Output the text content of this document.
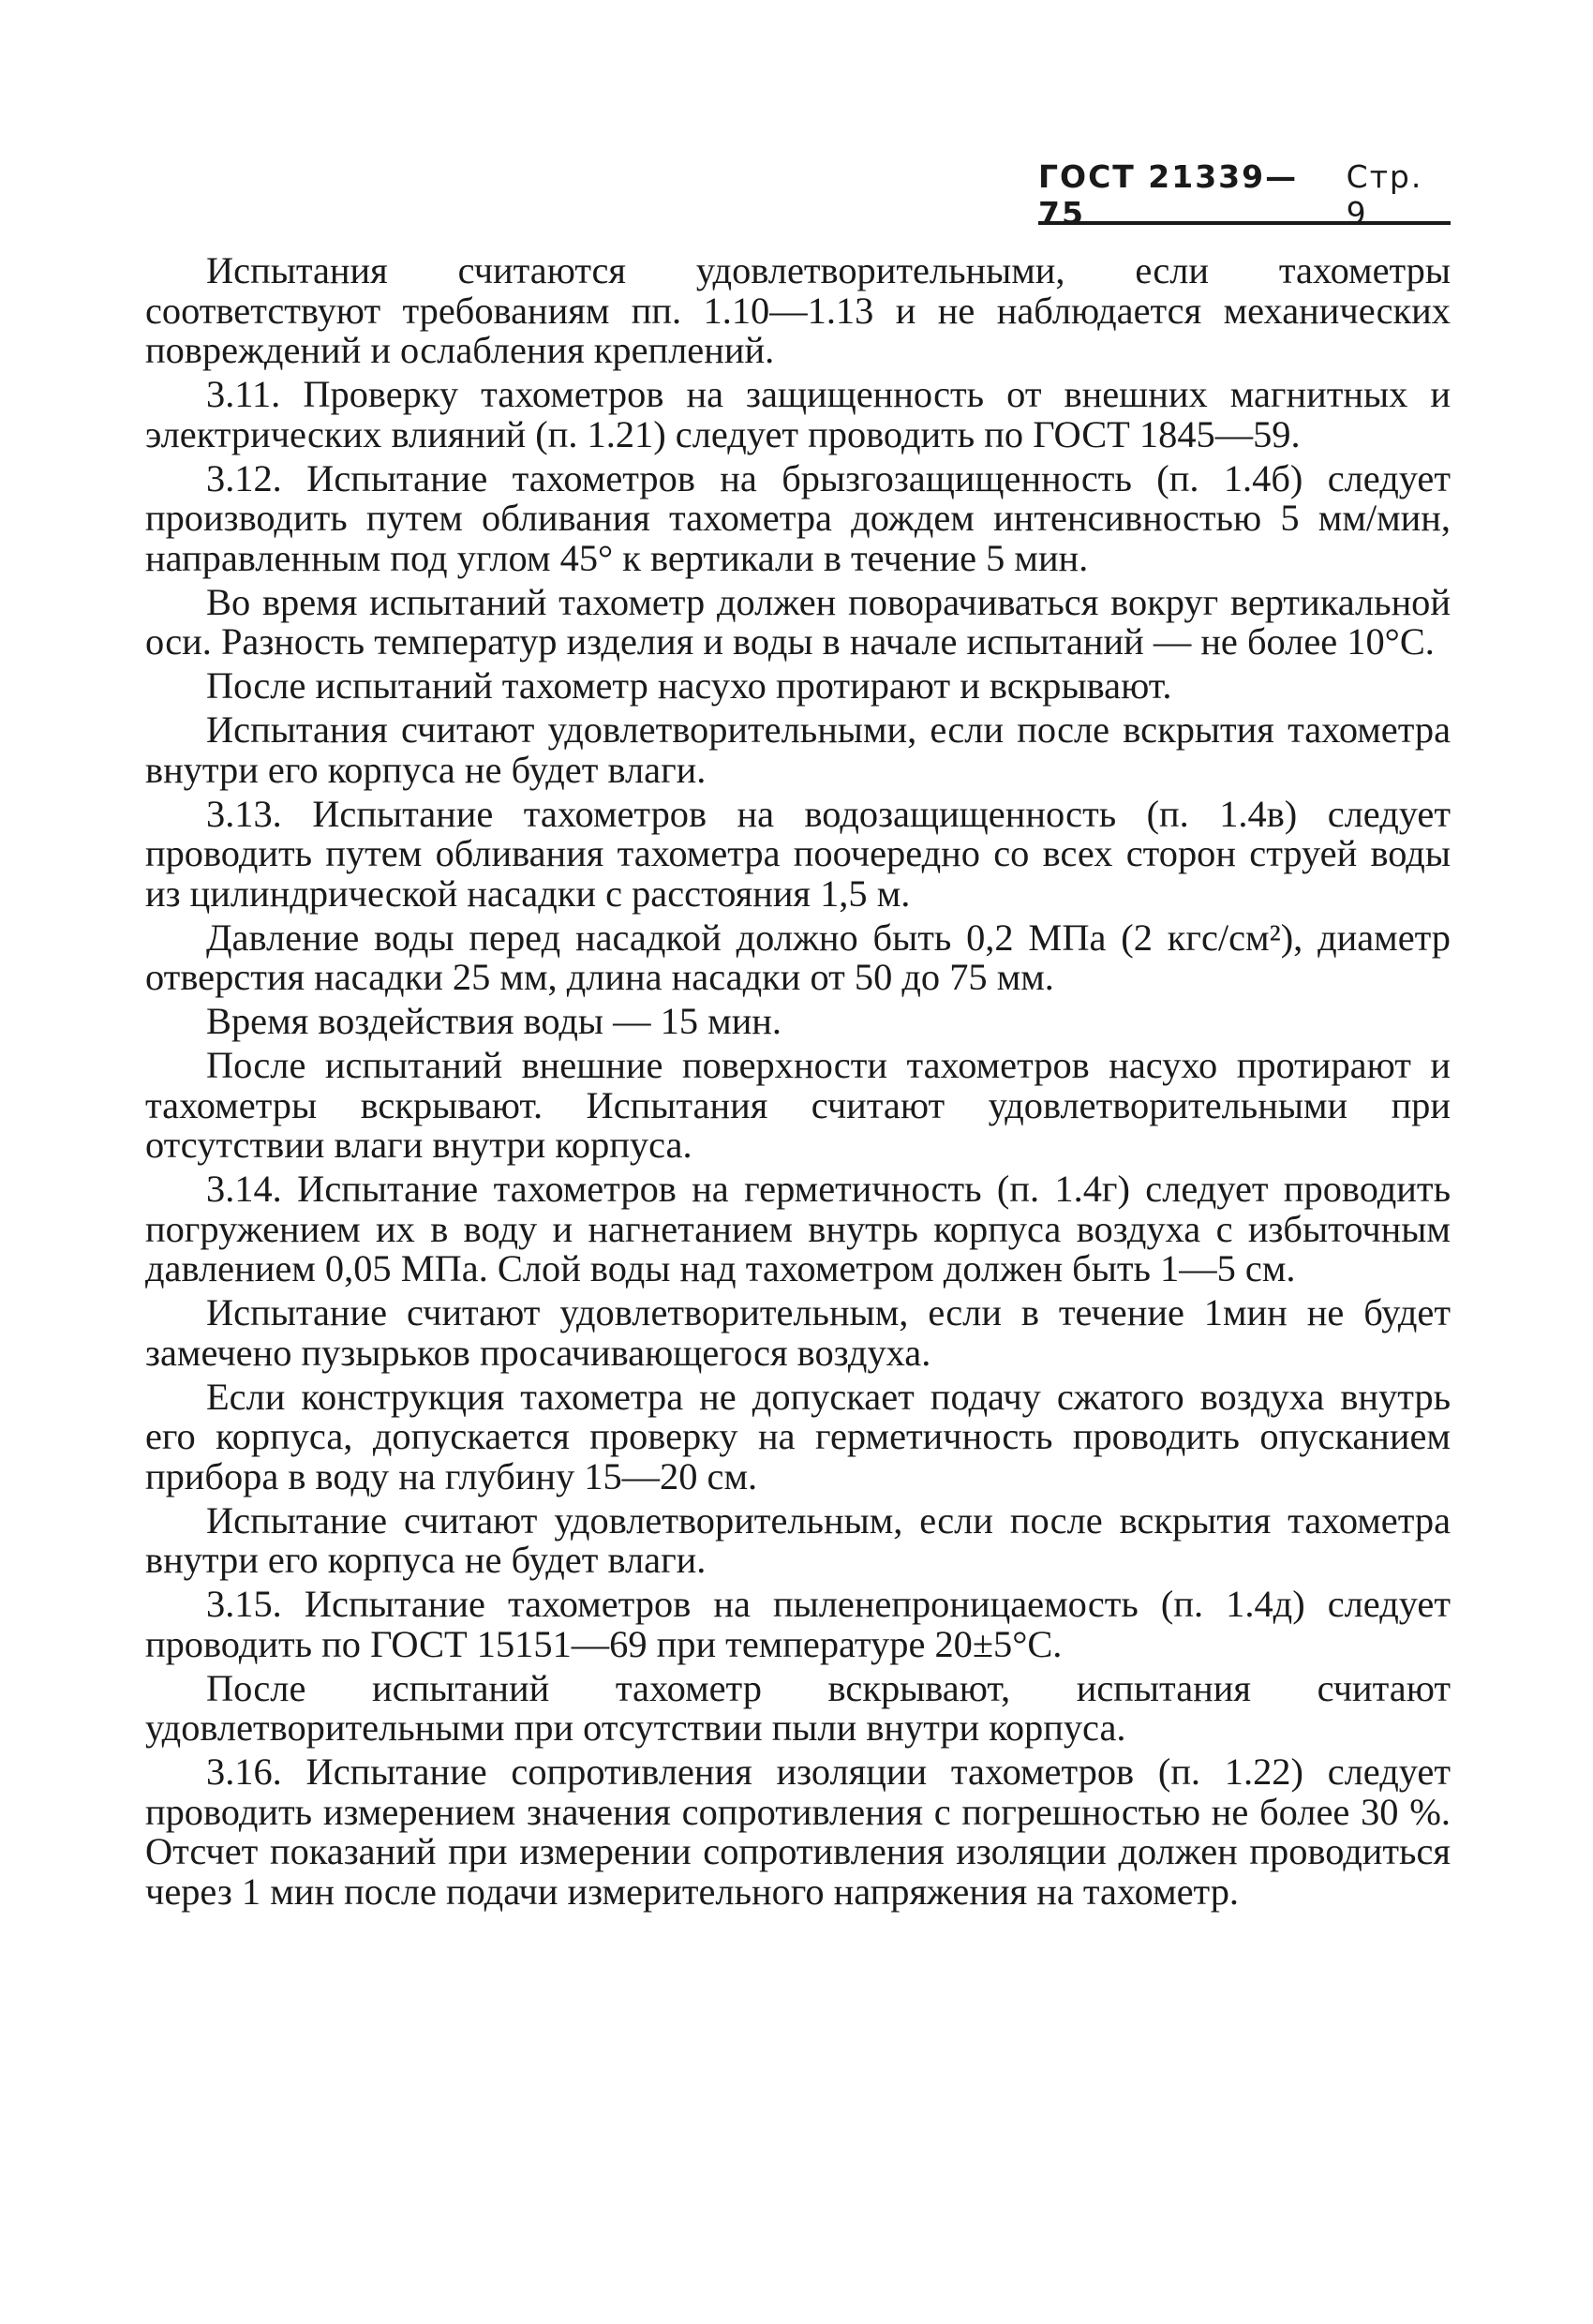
ГОСТ 21339—75
Стр. 9

Испытания считаются удовлетворительными, если тахометры соответствуют требованиям пп. 1.10—1.13 и не наблюдается механических повреждений и ослабления креплений.

3.11. Проверку тахометров на защищенность от внешних магнитных и электрических влияний (п. 1.21) следует проводить по ГОСТ 1845—59.

3.12. Испытание тахометров на брызгозащищенность (п. 1.4б) следует производить путем обливания тахометра дождем интенсивностью 5 мм/мин, направленным под углом 45° к вертикали в течение 5 мин.

Во время испытаний тахометр должен поворачиваться вокруг вертикальной оси. Разность температур изделия и воды в начале испытаний — не более 10°С.

После испытаний тахометр насухо протирают и вскрывают.

Испытания считают удовлетворительными, если после вскрытия тахометра внутри его корпуса не будет влаги.

3.13. Испытание тахометров на водозащищенность (п. 1.4в) следует проводить путем обливания тахометра поочередно со всех сторон струей воды из цилиндрической насадки с расстояния 1,5 м.

Давление воды перед насадкой должно быть 0,2 МПа (2 кгс/см²), диаметр отверстия насадки 25 мм, длина насадки от 50 до 75 мм.

Время воздействия воды — 15 мин.

После испытаний внешние поверхности тахометров насухо протирают и тахометры вскрывают. Испытания считают удовлетворительными при отсутствии влаги внутри корпуса.

3.14. Испытание тахометров на герметичность (п. 1.4г) следует проводить погружением их в воду и нагнетанием внутрь корпуса воздуха с избыточным давлением 0,05 МПа. Слой воды над тахометром должен быть 1—5 см.

Испытание считают удовлетворительным, если в течение 1мин не будет замечено пузырьков просачивающегося воздуха.

Если конструкция тахометра не допускает подачу сжатого воздуха внутрь его корпуса, допускается проверку на герметичность проводить опусканием прибора в воду на глубину 15—20 см.

Испытание считают удовлетворительным, если после вскрытия тахометра внутри его корпуса не будет влаги.

3.15. Испытание тахометров на пыленепроницаемость (п. 1.4д) следует проводить по ГОСТ 15151—69 при температуре 20±5°С.

После испытаний тахометр вскрывают, испытания считают удовлетворительными при отсутствии пыли внутри корпуса.

3.16. Испытание сопротивления изоляции тахометров (п. 1.22) следует проводить измерением значения сопротивления с погрешностью не более 30 %. Отсчет показаний при измерении сопротивления изоляции должен проводиться через 1 мин после подачи измерительного напряжения на тахометр.
